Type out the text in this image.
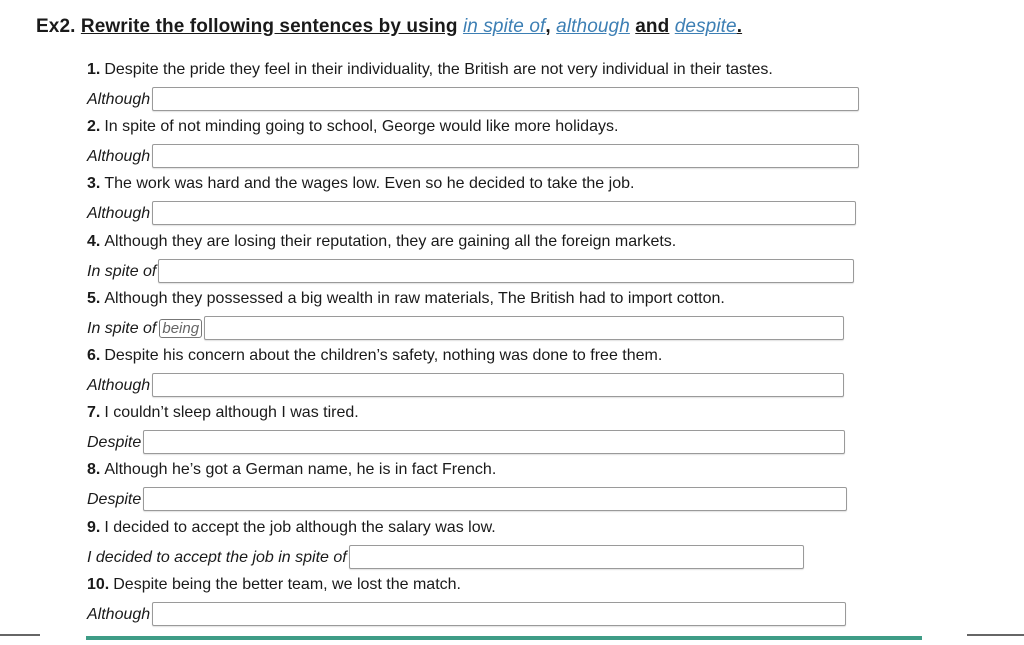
Ex2. Rewrite the following sentences by using in spite of, although and despite.
1. Despite the pride they feel in their individuality, the British are not very individual in their tastes.
Although
2. In spite of not minding going to school, George would like more holidays.
Although
3. The work was hard and the wages low. Even so he decided to take the job.
Although
4. Although they are losing their reputation, they are gaining all the foreign markets.
In spite of
5. Although they possessed a big wealth in raw materials, The British had to import cotton.
In spite of being
6. Despite his concern about the children’s safety, nothing was done to free them.
Although
7. I couldn’t sleep although I was tired.
Despite
8. Although he’s got a German name, he is in fact French.
Despite
9. I decided to accept the job although the salary was low.
I decided to accept the job in spite of
10. Despite being the better team, we lost the match.
Although
